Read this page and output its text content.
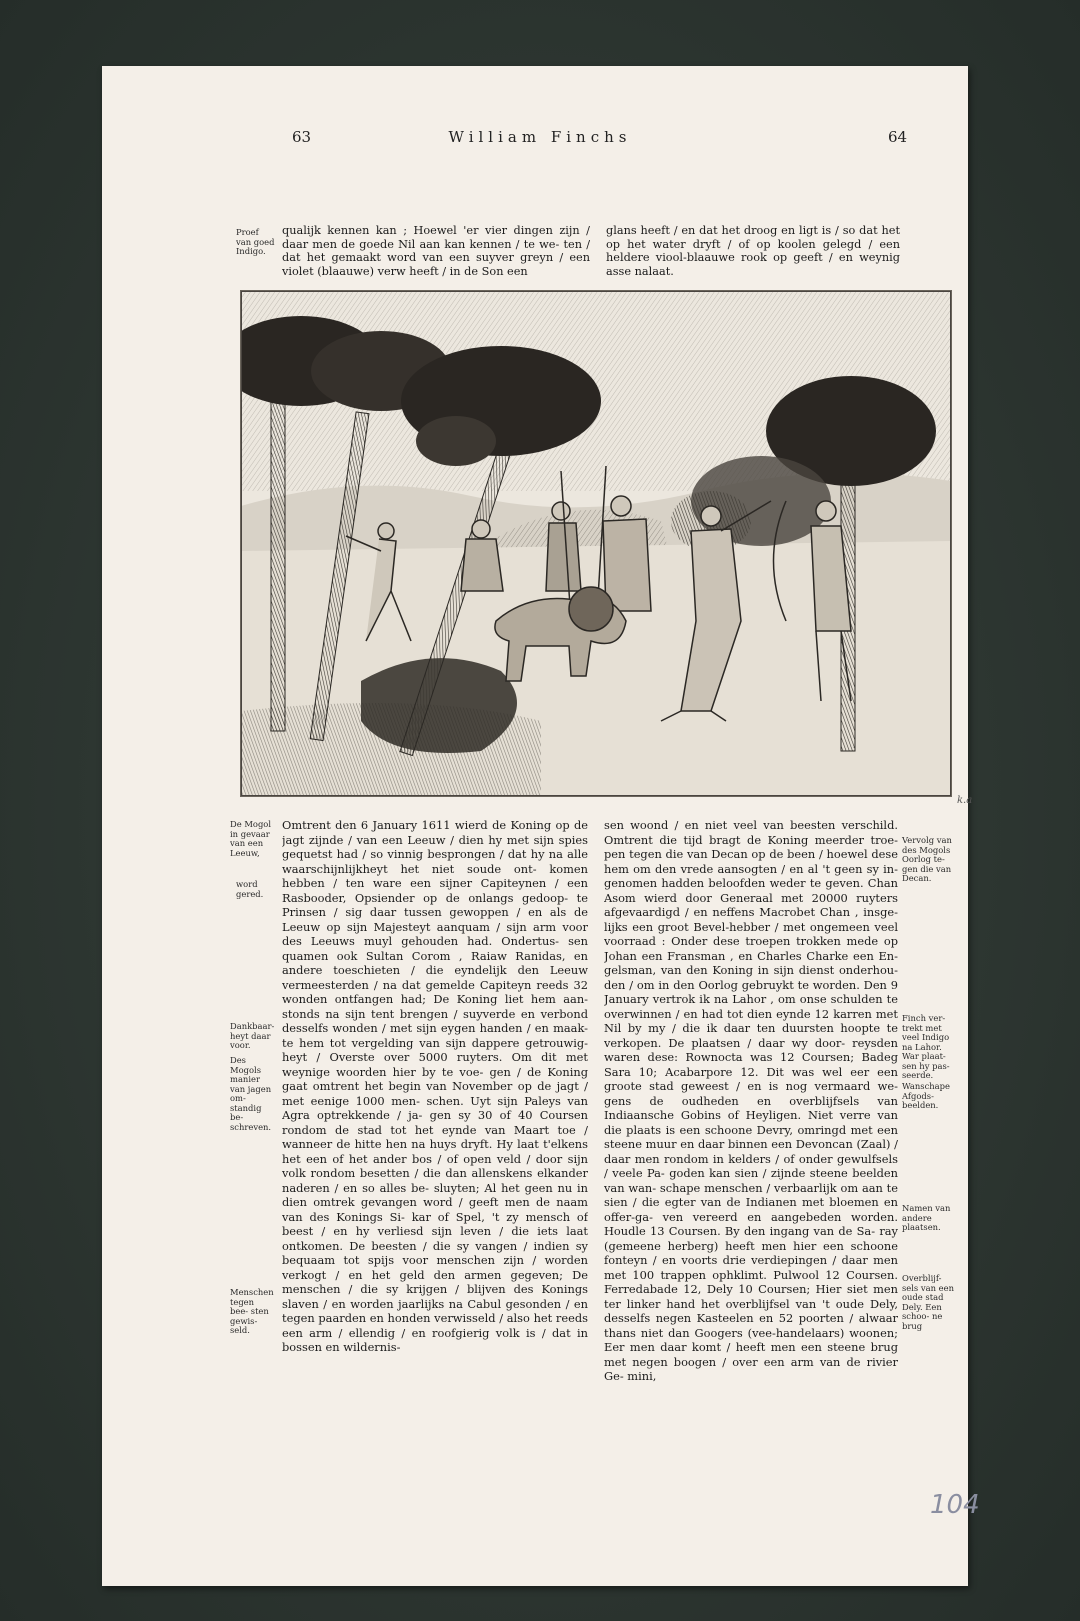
63	William Finchs	64
Proef van goed Indigo.

qualijk kennen kan ; Hoewel 'er vier dingen zijn / daar men de goede Nil aan kan kennen / te we- ten / dat het gemaakt word van een suyver greyn / een violet (blaauwe) verw heeft / in de Son een

glans heeft / en dat het droog en ligt is / so dat het op het water dryft / of op koolen gelegd / een heldere viool-blaauwe rook op geeft / en weynig asse nalaat.

k.a
De Mogol in gevaar van een Leeuw,
word gered.
Dankbaar- heyt daar voor.
Des Mogols manier van jagen om- standig be- schreven.
Menschen tegen bee- sten gewis- seld.

Omtrent den 6 January 1611 wierd de Koning op de jagt zijnde / van een Leeuw / dien hy met sijn spies gequetst had / so vinnig besprongen / dat hy na alle waarschijnlijkheyt het niet soude ont- komen hebben / ten ware een sijner Capiteynen / een Rasbooder, Opsiender op de onlangs gedoop- te Prinsen / sig daar tussen gewoppen / en als de Leeuw op sijn Majesteyt aanquam / sijn arm voor des Leeuws muyl gehouden had. Ondertus- sen quamen ook Sultan Corom , Raiaw Ranidas, en andere toeschieten / die eyndelijk den Leeuw vermeesterden / na dat gemelde Capiteyn reeds 32 wonden ontfangen had; De Koning liet hem aan- stonds na sijn tent brengen / suyverde en verbond desselfs wonden / met sijn eygen handen / en maak- te hem tot vergelding van sijn dappere getrouwig- heyt / Overste over 5000 ruyters. Om dit met weynige woorden hier by te voe- gen / de Koning gaat omtrent het begin van November op de jagt / met eenige 1000 men- schen. Uyt sijn Paleys van Agra optrekkende / ja- gen sy 30 of 40 Coursen rondom de stad tot het eynde van Maart toe / wanneer de hitte hen na huys dryft. Hy laat t'elkens het een of het ander bos / of open veld / door sijn volk rondom besetten / die dan allenskens elkander naderen / en so alles be- sluyten; Al het geen nu in dien omtrek gevangen word / geeft men de naam van des Konings Si- kar of Spel, 't zy mensch of beest / en hy verliesd sijn leven / die iets laat ontkomen. De beesten / die sy vangen / indien sy bequaam tot spijs voor menschen zijn / worden verkogt / en het geld den armen gegeven; De menschen / die sy krijgen / blijven des Konings slaven / en worden jaarlijks na Cabul gesonden / en tegen paarden en honden verwisseld / also het reeds een arm / ellendig / en roofgierig volk is / dat in bossen en wildernis-

sen woond / en niet veel van beesten verschild. Omtrent die tijd bragt de Koning meerder troe- pen tegen die van Decan op de been / hoewel dese hem om den vrede aansogten / en al 't geen sy in- genomen hadden beloofden weder te geven. Chan Asom wierd door Generaal met 20000 ruyters afgevaardigd / en neffens Macrobet Chan , insge- lijks een groot Bevel-hebber / met ongemeen veel voorraad : Onder dese troepen trokken mede op Johan een Fransman , en Charles Charke een En- gelsman, van den Koning in sijn dienst onderhou- den / om in den Oorlog gebruykt te worden. Den 9 January vertrok ik na Lahor , om onse schulden te overwinnen / en had tot dien eynde 12 karren met Nil by my / die ik daar ten duursten hoopte te verkopen. De plaatsen / daar wy door- reysden waren dese: Rownocta was 12 Coursen; Badeg Sara 10; Acabarpore 12. Dit was wel eer een groote stad geweest / en is nog vermaard we- gens de oudheden en overblijfsels van Indiaansche Gobins of Heyligen. Niet verre van die plaats is een schoone Devry, omringd met een steene muur en daar binnen een Devoncan (Zaal) / daar men rondom in kelders / of onder gewulfsels / veele Pa- goden kan sien / zijnde steene beelden van wan- schape menschen / verbaarlijk om aan te sien / die egter van de Indianen met bloemen en offer-ga- ven vereerd en aangebeden worden. Houdle 13 Coursen. By den ingang van de Sa- ray (gemeene herberg) heeft men hier een schoone fonteyn / en voorts drie verdiepingen / daar men met 100 trappen ophklimt. Pulwool 12 Coursen. Ferredabade 12, Dely 10 Coursen; Hier siet men ter linker hand het overblijfsel van 't oude Dely, desselfs negen Kasteelen en 52 poorten / alwaar thans niet dan Googers (vee-handelaars) woonen; Eer men daar komt / heeft men een steene brug met negen boogen / over een arm van de rivier Ge- mini,

Vervolg van des Mogols Oorlog te- gen die van Decan.
Finch ver- trekt met veel Indigo na Lahor. War plaat- sen hy pas- seerde.
Wanschape Afgods- beelden.
Namen van andere plaatsen.
Overblijf- sels van een oude stad Dely. Een schoo- ne brug
104
